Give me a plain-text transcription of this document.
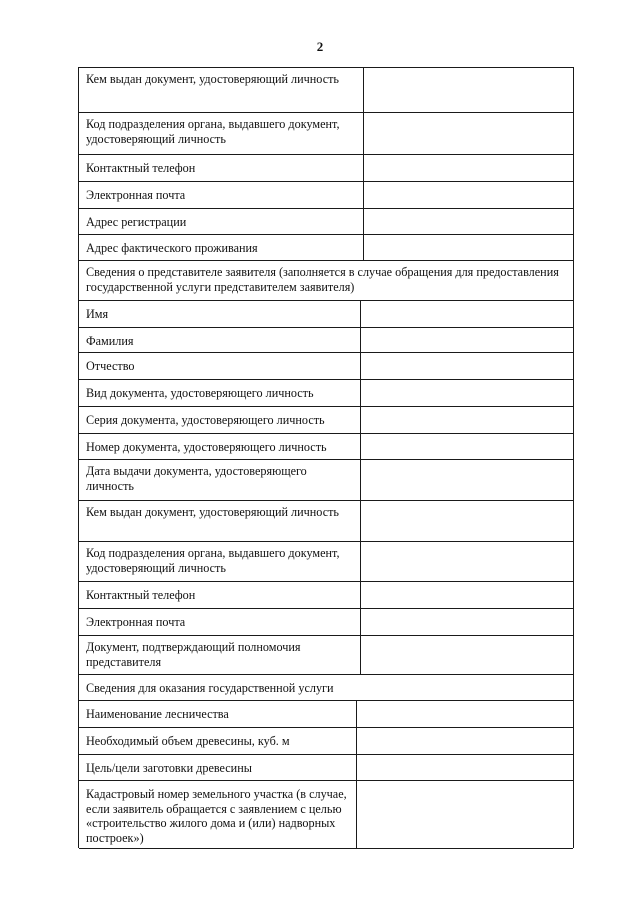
2
Кем выдан документ, удостоверяющий личность
Код подразделения органа, выдавшего документ, удостоверяющий личность
Контактный телефон
Электронная почта
Адрес регистрации
Адрес фактического проживания
Сведения о представителе заявителя (заполняется в случае обращения для предоставления государственной услуги представителем заявителя)
Имя
Фамилия
Отчество
Вид документа, удостоверяющего личность
Серия документа, удостоверяющего личность
Номер документа, удостоверяющего личность
Дата выдачи документа, удостоверяющего личность
Кем выдан документ, удостоверяющий личность
Код подразделения органа, выдавшего документ, удостоверяющий личность
Контактный телефон
Электронная почта
Документ, подтверждающий полномочия представителя
Сведения для оказания государственной услуги
Наименование лесничества
Необходимый объем древесины, куб. м
Цель/цели заготовки древесины
Кадастровый номер земельного участка (в случае, если заявитель обращается с заявлением с целью «строительство жилого дома и (или) надворных построек»)
